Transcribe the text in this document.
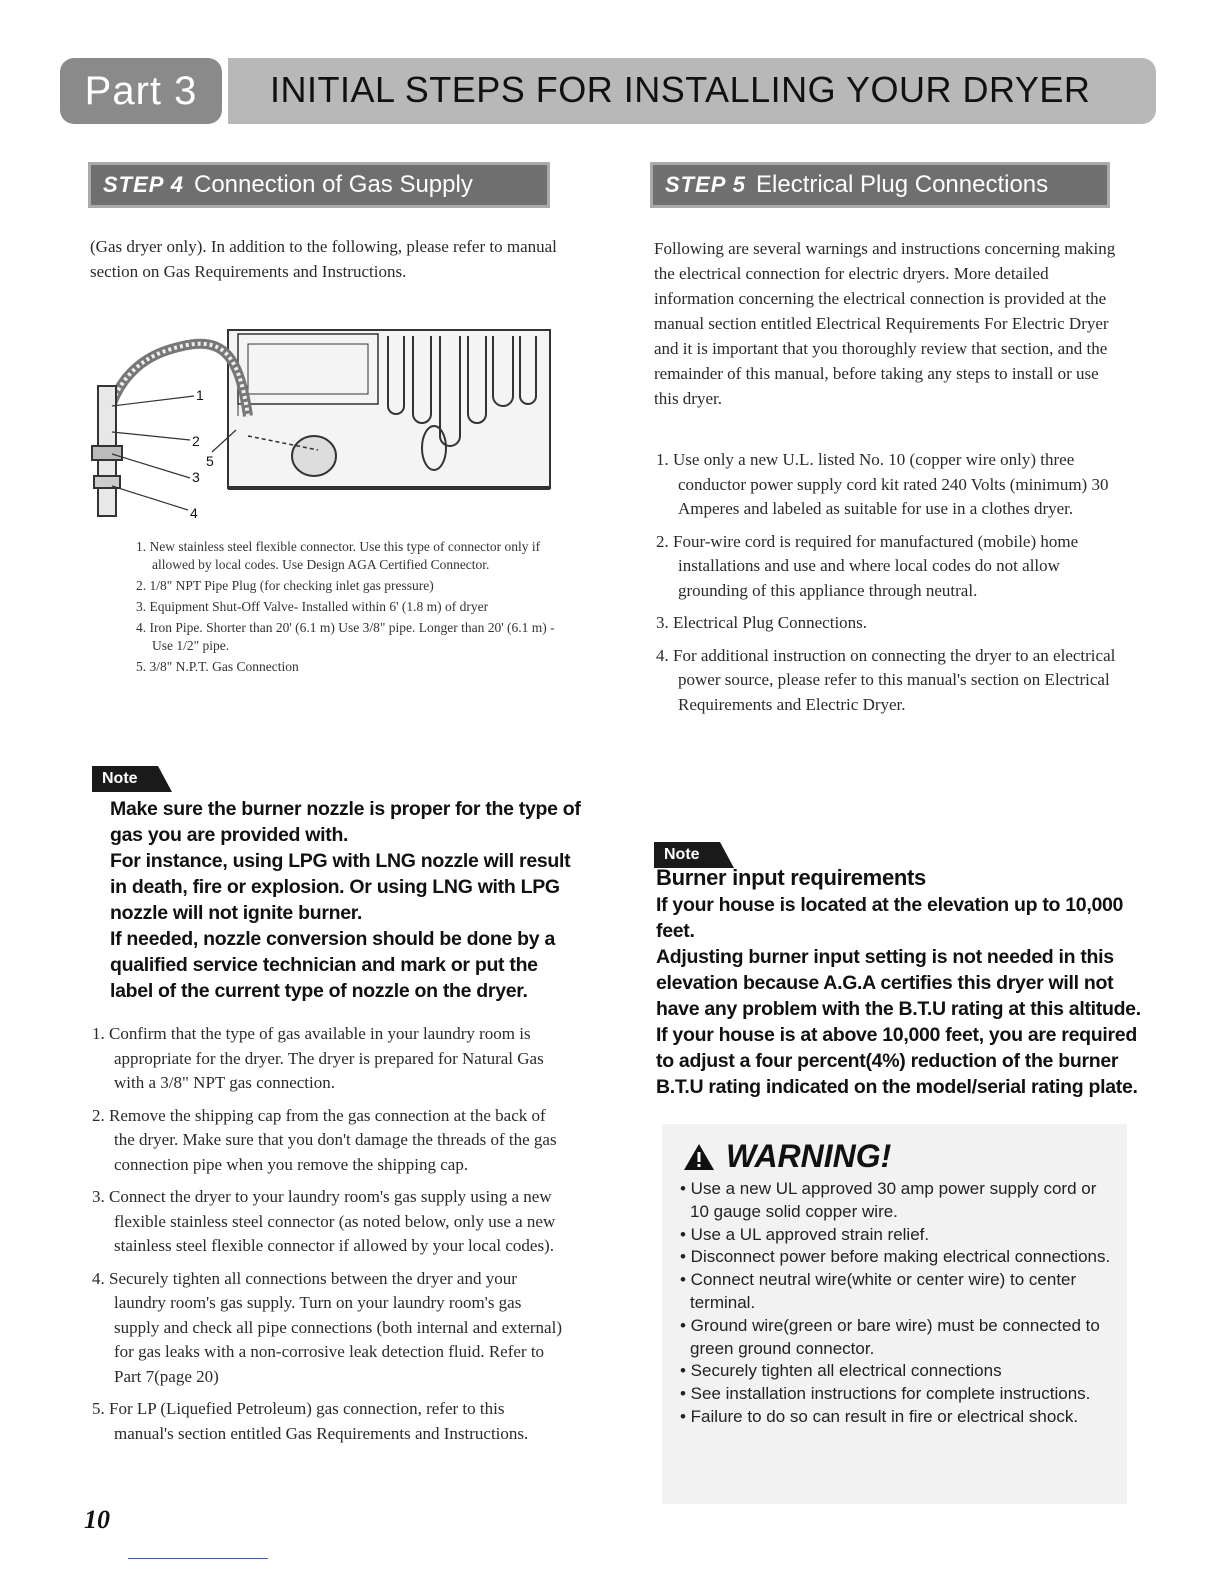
Part 3	INITIAL STEPS FOR INSTALLING YOUR DRYER
STEP 4 Connection of Gas Supply

(Gas dryer only). In addition to the following, please refer to manual section on Gas Requirements and Instructions.

1
2
5
3
4
1. New stainless steel flexible connector. Use this type of connector only if allowed by local codes. Use Design AGA Certified Connector.
2. 1/8" NPT Pipe Plug (for checking inlet gas pressure)
3. Equipment Shut-Off Valve- Installed within 6' (1.8 m) of dryer
4. Iron Pipe. Shorter than 20' (6.1 m) Use 3/8" pipe. Longer than 20' (6.1 m) - Use 1/2" pipe.
5. 3/8" N.P.T. Gas Connection
Note
Make sure the burner nozzle is proper for the type of
gas you are provided with.
For instance, using LPG with LNG nozzle will result
in death, fire or explosion. Or using LNG with LPG
nozzle will not ignite burner.
If needed, nozzle conversion should be done by a
qualified service technician and mark or put the
label of the current type of nozzle on the dryer.
1. Confirm that the type of gas available in your laundry room is appropriate for the dryer. The dryer is prepared for Natural Gas with a 3/8" NPT gas connection.
2. Remove the shipping cap from the gas connection at the back of the dryer. Make sure that you don't damage the threads of the gas connection pipe when you remove the shipping cap.
3. Connect the dryer to your laundry room's gas supply using a new flexible stainless steel connector (as noted below, only use a new stainless steel flexible connector if allowed by your local codes).
4. Securely tighten all connections between the dryer and your laundry room's gas supply. Turn on your laundry room's gas supply and check all pipe connections (both internal and external) for gas leaks with a non-corrosive leak detection fluid. Refer to Part 7(page 20)
5. For LP (Liquefied Petroleum) gas connection, refer to this manual's section entitled Gas Requirements and Instructions.
STEP 5 Electrical Plug Connections

Following are several warnings and instructions concerning making the electrical connection for electric dryers. More detailed information concerning the electrical connection is provided at the manual section entitled Electrical Requirements For Electric Dryer and it is important that you thoroughly review that section, and the remainder of this manual, before taking any steps to install or use this dryer.

1. Use only a new U.L. listed No. 10 (copper wire only) three conductor power supply cord kit rated 240 Volts (minimum) 30 Amperes and labeled as suitable for use in a clothes dryer.
2. Four-wire cord is required for manufactured (mobile) home installations and use and where local codes do not allow grounding of this appliance through neutral.
3. Electrical Plug Connections.
4. For additional instruction on connecting the dryer to an electrical power source, please refer to this manual's section on Electrical Requirements and Electric Dryer.
Note
Burner input requirements
If your house is located at the elevation up to 10,000
feet.
Adjusting burner input setting is not needed in this
elevation because A.G.A certifies this dryer will not
have any problem with the B.T.U rating at this altitude.
If your house is at above 10,000 feet, you are required
to adjust a four percent(4%) reduction of the burner
B.T.U rating indicated on the model/serial rating plate.
WARNING!
• Use a new UL approved 30 amp power supply cord or 10 gauge solid copper wire.
• Use a UL approved strain relief.
• Disconnect power before making electrical connections.
• Connect neutral wire(white or center wire) to center terminal.
• Ground wire(green or bare wire) must be connected to green ground connector.
• Securely tighten all electrical connections
• See installation instructions for complete instructions.
• Failure to do so can result in fire or electrical shock.
10
